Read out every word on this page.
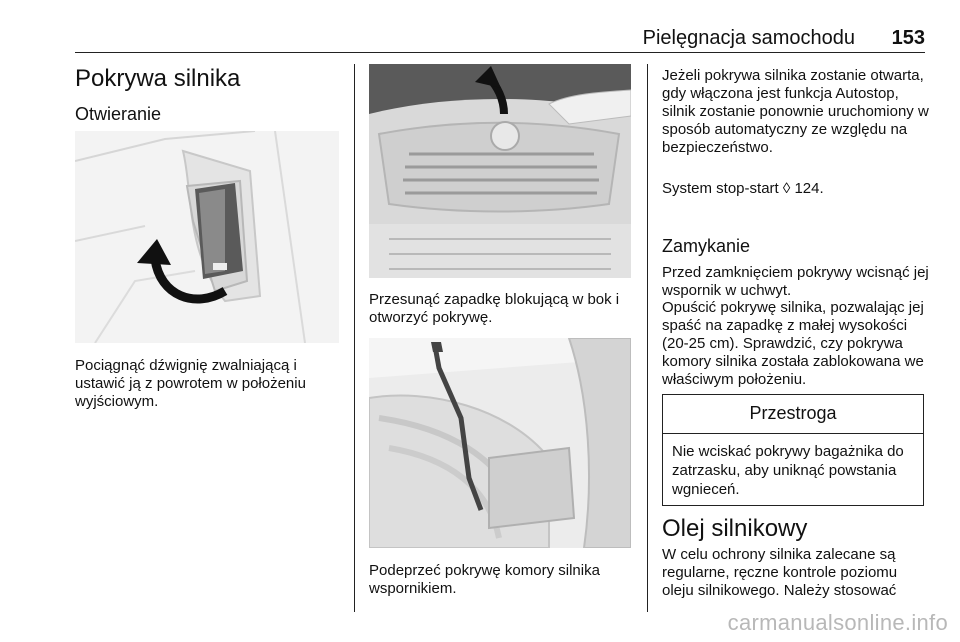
Pielęgnacja samochodu 153
Pokrywa silnika
Otwieranie

Pociągnąć dźwignię zwalniającą i ustawić ją z powrotem w położeniu wyjściowym.

Przesunąć zapadkę blokującą w bok i otworzyć pokrywę.

Podeprzeć pokrywę komory silnika wspornikiem.

Jeżeli pokrywa silnika zostanie otwarta, gdy włączona jest funkcja Autostop, silnik zostanie ponownie uruchomiony w sposób automatyczny ze względu na bezpieczeństwo.

System stop-start ◊ 124.

Zamykanie

Przed zamknięciem pokrywy wcisnąć jej wspornik w uchwyt.

Opuścić pokrywę silnika, pozwalając jej spaść na zapadkę z małej wysokości (20-25 cm). Sprawdzić, czy pokrywa komory silnika została zablokowana we właściwym położeniu.

Przestroga
Nie wciskać pokrywy bagażnika do zatrzasku, aby uniknąć powstania wgnieceń.
Olej silnikowy

W celu ochrony silnika zalecane są regularne, ręczne kontrole poziomu oleju silnikowego. Należy stosować

carmanualsonline.info
